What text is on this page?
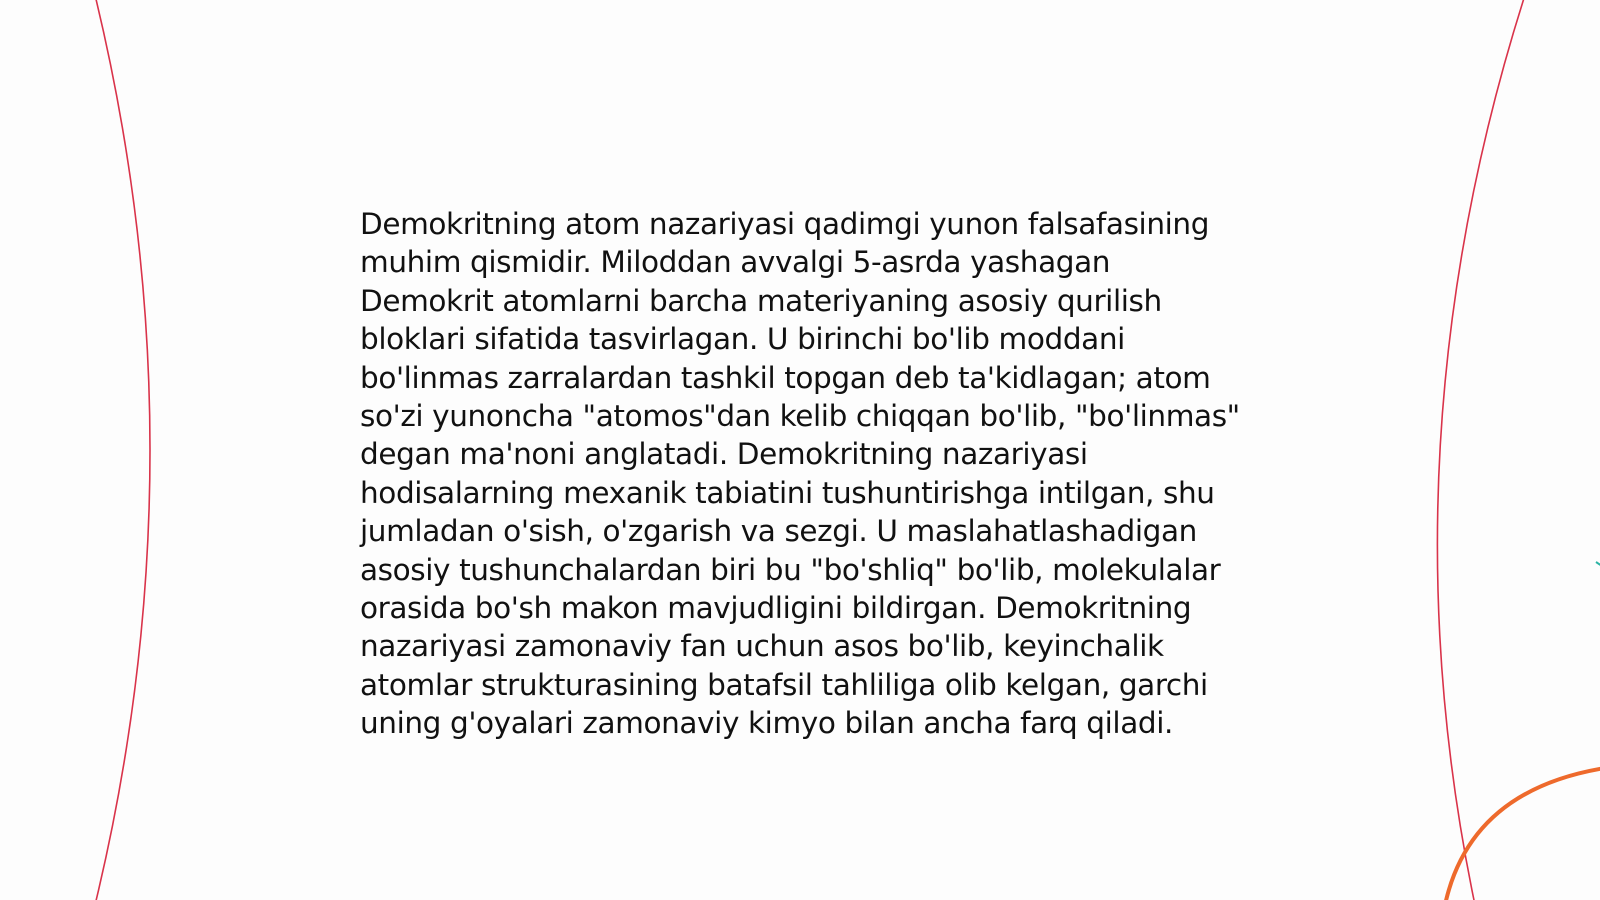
Demokritning atom nazariyasi qadimgi yunon falsafasining muhim qismidir. Miloddan avvalgi 5-asrda yashagan Demokrit atomlarni barcha materiyaning asosiy qurilish bloklari sifatida tasvirlagan. U birinchi bo'lib moddani bo'linmas zarralardan tashkil topgan deb ta'kidlagan; atom so'zi yunoncha "atomos"dan kelib chiqqan bo'lib, "bo'linmas" degan ma'noni anglatadi. Demokritning nazariyasi hodisalarning mexanik tabiatini tushuntirishga intilgan, shu jumladan o'sish, o'zgarish va sezgi. U maslahatlashadigan asosiy tushunchalardan biri bu "bo'shliq" bo'lib, molekulalar orasida bo'sh makon mavjudligini bildirgan. Demokritning nazariyasi zamonaviy fan uchun asos bo'lib, keyinchalik atomlar strukturasining batafsil tahliliga olib kelgan, garchi uning g'oyalari zamonaviy kimyo bilan ancha farq qiladi.
